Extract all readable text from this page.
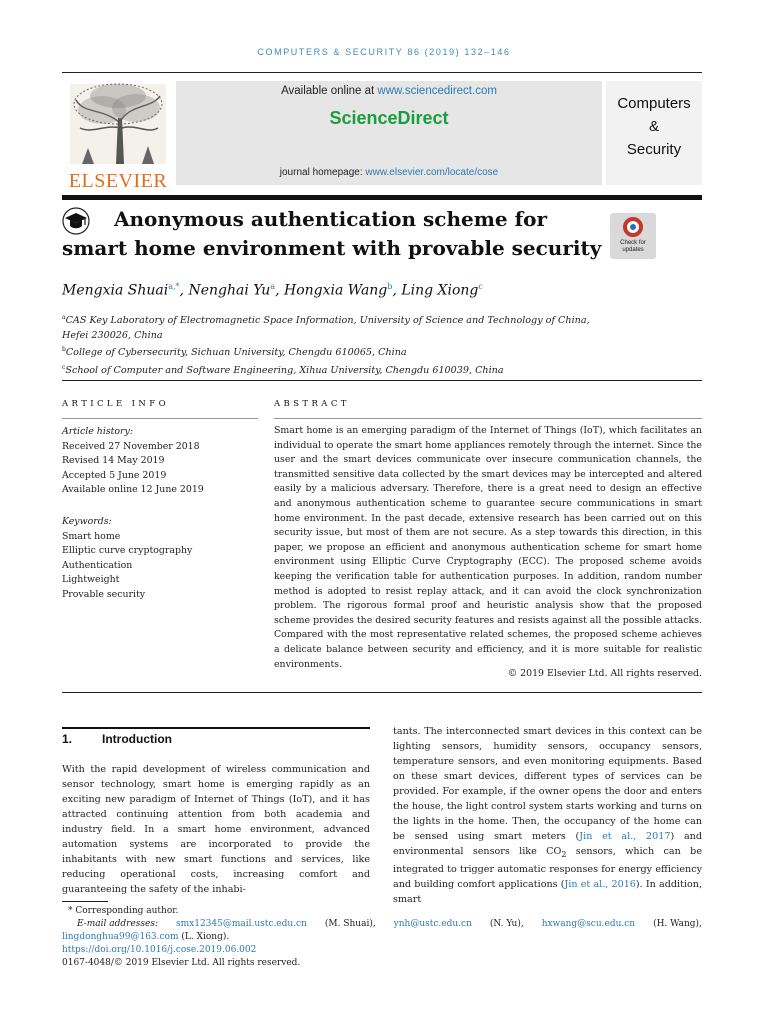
COMPUTERS & SECURITY 86 (2019) 132–146
ELSEVIER
Available online at www.sciencedirect.com
ScienceDirect
journal homepage: www.elsevier.com/locate/cose
Computers
&
Security
Anonymous authentication scheme for smart home environment with provable security	Check for updates
Mengxia Shuai$^{a,*}$, Nenghai Yu$^a$, Hongxia Wang$^b$, Ling Xiong$^c$
$^a$CAS Key Laboratory of Electromagnetic Space Information, University of Science and Technology of China,
Hefei 230026, China
$^b$College of Cybersecurity, Sichuan University, Chengdu 610065, China
$^c$School of Computer and Software Engineering, Xihua University, Chengdu 610039, China
ARTICLE INFO	ABSTRACT
Article history:
Received 27 November 2018
Revised 14 May 2019
Accepted 5 June 2019
Available online 12 June 2019
Keywords:
Smart home
Elliptic curve cryptography
Authentication
Lightweight
Provable security
Smart home is an emerging paradigm of the Internet of Things (IoT), which facilitates an individual to operate the smart home appliances remotely through the internet. Since the user and the smart devices communicate over insecure communication channels, the transmitted sensitive data collected by the smart devices may be intercepted and altered easily by a malicious adversary. Therefore, there is a great need to design an effective and anonymous authentication scheme to guarantee secure communications in smart home environment. In the past decade, extensive research has been carried out on this security issue, but most of them are not secure. As a step towards this direction, in this paper, we propose an efficient and anonymous authentication scheme for smart home environment using Elliptic Curve Cryptography (ECC). The proposed scheme avoids keeping the verification table for authentication purposes. In addition, random number method is adopted to resist replay attack, and it can avoid the clock synchronization problem. The rigorous formal proof and heuristic analysis show that the proposed scheme provides the desired security features and resists against all the possible attacks. Compared with the most representative related schemes, the proposed scheme achieves a delicate balance between security and efficiency, and it is more suitable for realistic environments.
© 2019 Elsevier Ltd. All rights reserved.
1. Introduction
With the rapid development of wireless communication and sensor technology, smart home is emerging rapidly as an exciting new paradigm of Internet of Things (IoT), and it has attracted continuing attention from both academia and industry field. In a smart home environment, advanced automation systems are incorporated to provide the inhabitants with new smart functions and services, like reducing operational costs, increasing comfort and guaranteeing the safety of the inhabi-
tants. The interconnected smart devices in this context can be lighting sensors, humidity sensors, occupancy sensors, temperature sensors, and even monitoring equipments. Based on these smart devices, different types of services can be provided. For example, if the owner opens the door and enters the house, the light control system starts working and turns on the lights in the home. Then, the occupancy of the home can be sensed using smart meters (Jin et al., 2017) and environmental sensors like $CO_2$ sensors, which can be integrated to trigger automatic responses for energy efficiency and building comfort applications (Jin et al., 2016). In addition, smart
* Corresponding author.
E-mail addresses: smx12345@mail.ustc.edu.cn (M. Shuai), ynh@ustc.edu.cn (N. Yu), hxwang@scu.edu.cn (H. Wang),
lingdonghua99@163.com (L. Xiong).
https://doi.org/10.1016/j.cose.2019.06.002
0167-4048/© 2019 Elsevier Ltd. All rights reserved.
